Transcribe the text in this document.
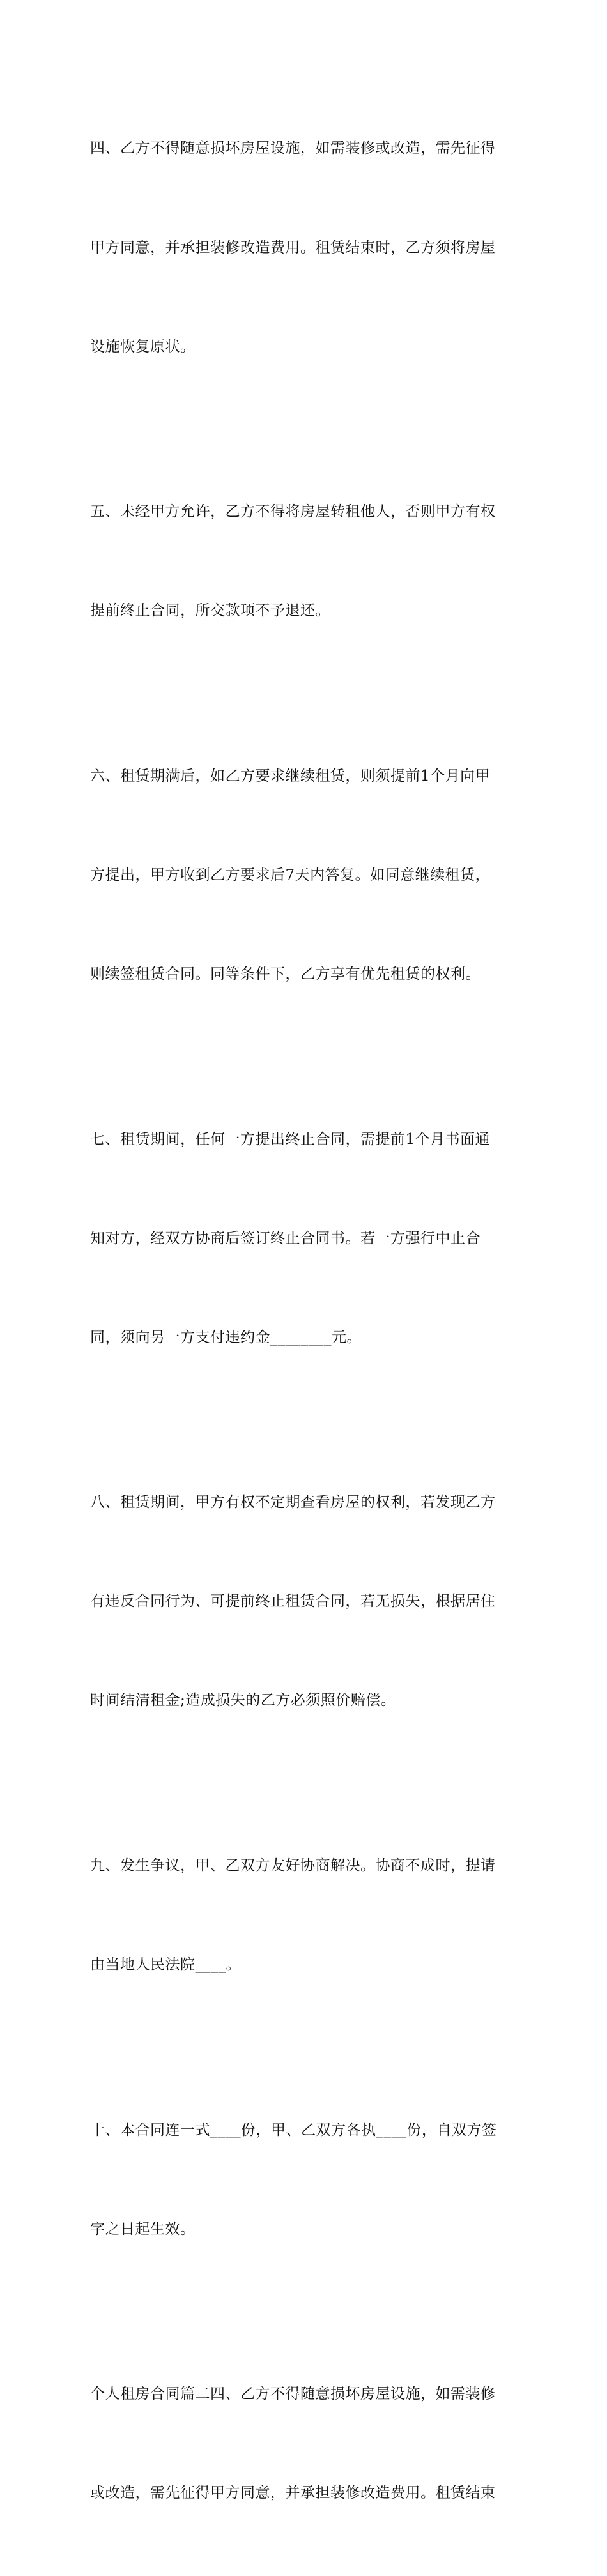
四、乙方不得随意损坏房屋设施，如需装修或改造，需先征得

甲方同意，并承担装修改造费用。租赁结束时，乙方须将房屋

设施恢复原状。

五、未经甲方允许，乙方不得将房屋转租他人，否则甲方有权

提前终止合同，所交款项不予退还。

六、租赁期满后，如乙方要求继续租赁，则须提前1个月向甲

方提出，甲方收到乙方要求后7天内答复。如同意继续租赁，

则续签租赁合同。同等条件下，乙方享有优先租赁的权利。

七、租赁期间，任何一方提出终止合同，需提前1个月书面通

知对方，经双方协商后签订终止合同书。若一方强行中止合

同，须向另一方支付违约金________元。

八、租赁期间，甲方有权不定期查看房屋的权利，若发现乙方

有违反合同行为、可提前终止租赁合同，若无损失，根据居住

时间结清租金;造成损失的乙方必须照价赔偿。

九、发生争议，甲、乙双方友好协商解决。协商不成时，提请

由当地人民法院____。

十、本合同连一式____份，甲、乙双方各执____份，自双方签

字之日起生效。

个人租房合同篇二四、乙方不得随意损坏房屋设施，如需装修

或改造，需先征得甲方同意，并承担装修改造费用。租赁结束
